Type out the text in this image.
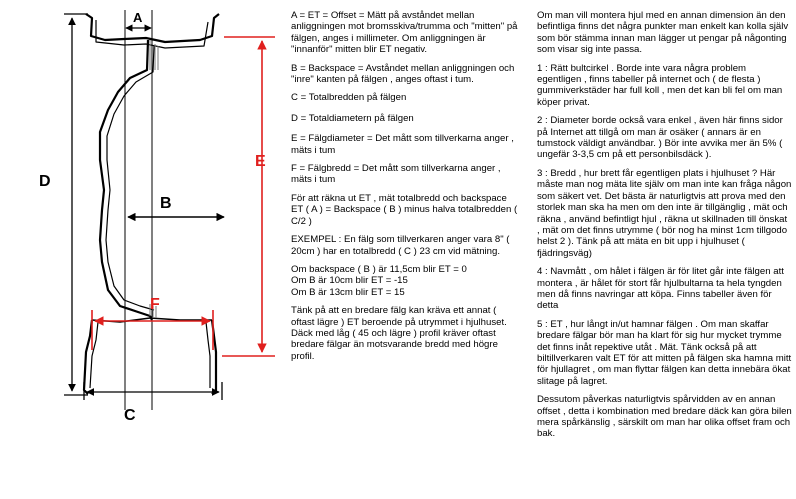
D
A
B
C
E
F

A = ET = Offset = Mätt på avståndet mellan anliggningen mot bromsskiva/trumma och "mitten" på fälgen, anges i millimeter. Om anliggningen är "innanför" mitten blir ET negativ.

B = Backspace = Avståndet mellan anliggningen och "inre" kanten på fälgen , anges oftast i tum.

C = Totalbredden på fälgen

D = Totaldiametern på fälgen

E = Fälgdiameter = Det mått som tillverkarna anger , mäts i tum

F = Fälgbredd = Det mått som tillverkarna anger , mäts i tum

För att räkna ut ET , mät totalbredd och backspace

ET ( A ) = Backspace ( B ) minus halva totalbredden ( C/2 )

EXEMPEL : En fälg som tillverkaren anger vara 8" ( 20cm ) har en totalbredd ( C ) 23 cm vid mätning.

Om backspace ( B ) är 11,5cm blir ET = 0
Om B är 10cm blir ET = -15
Om B är 13cm blir ET = 15

Tänk på att en bredare fälg kan kräva ett annat ( oftast lägre ) ET beroende på utrymmet i hjulhuset. Däck med låg ( 45 och lägre ) profil kräver oftast bredare fälgar än motsvarande bredd med högre profil.

Om man vill montera hjul med en annan dimension än den befintliga finns det några punkter man enkelt kan kolla själv som bör stämma innan man lägger ut pengar på någonting som visar sig inte passa.

1 : Rätt bultcirkel . Borde inte vara några problem egentligen , finns tabeller på internet och ( de flesta ) gummiverkstäder har full koll , men det kan bli fel om man köper privat.

2 : Diameter borde också vara enkel , även här finns sidor på Internet att tillgå om man är osäker ( annars är en tumstock väldigt användbar. ) Bör inte avvika mer än 5% ( ungefär 3-3,5 cm på ett personbilsdäck ).

3 : Bredd , hur brett får egentligen plats i hjulhuset ? Här måste man nog mäta lite själv om man inte kan fråga någon som säkert vet. Det bästa är naturligtvis att prova med den storlek man ska ha men om den inte är tillgänglig , mät och räkna , använd befintligt hjul , räkna ut skillnaden till önskat , mät om det finns utrymme ( bör nog ha minst 1cm tillgodo helst 2 ). Tänk på att mäta en bit upp i hjulhuset ( fjädringsväg)

4 : Navmått , om hålet i fälgen är för litet går inte fälgen att montera , är hålet för stort får hjulbultarna ta hela tyngden men då finns navringar att köpa. Finns tabeller även för detta

5 : ET , hur långt in/ut hamnar fälgen . Om man skaffar bredare fälgar bör man ha klart för sig hur mycket trymme det finns inåt repektive utåt . Mät. Tänk också på att biltillverkaren valt ET för att mitten på fälgen ska hamna mitt för hjullagret , om man flyttar fälgen kan detta innebära ökat slitage på lagret.

Dessutom påverkas naturligtvis spårvidden av en annan offset , detta i kombination med bredare däck kan göra bilen mera spårkänslig , särskilt om man har olika offset fram och bak.
